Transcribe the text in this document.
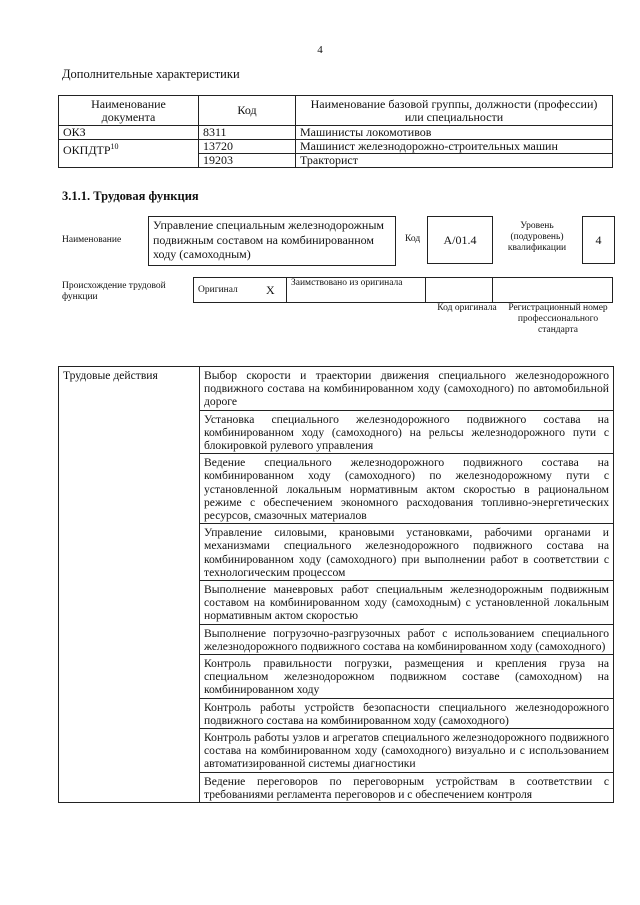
4
Дополнительные характеристики
Наименование документа	Код	Наименование базовой группы, должности (профессии) или специальности
ОКЗ	8311	Машинисты локомотивов
ОКПДТР$^{10}$	13720	Машинист железнодорожно-строительных машин
	19203	Тракторист
3.1.1. Трудовая функция
Наименование
Управление специальным железнодорожным подвижным составом на комбинированном ходу (самоходным)
Код	A/01.4
Уровень (подуровень) квалификации
4
Происхождение трудовой функции
Оригинал	X	Заимствовано из оригинала		
Код оригинала Регистрационный номер профессионального стандарта
Трудовые действия	Выбор скорости и траектории движения специального железнодорожного подвижного состава на комбинированном ходу (самоходного) по автомобильной дороге
Установка специального железнодорожного подвижного состава на комбинированном ходу (самоходного) на рельсы железнодорожного пути с блокировкой рулевого управления
Ведение специального железнодорожного подвижного состава на комбинированном ходу (самоходного) по железнодорожному пути с установленной локальным нормативным актом скоростью в рациональном режиме с обеспечением экономного расходования топливно-энергетических ресурсов, смазочных материалов
Управление силовыми, крановыми установками, рабочими органами и механизмами специального железнодорожного подвижного состава на комбинированном ходу (самоходного) при выполнении работ в соответствии с технологическим процессом
Выполнение маневровых работ специальным железнодорожным подвижным составом на комбинированном ходу (самоходным) с установленной локальным нормативным актом скоростью
Выполнение погрузочно-разгрузочных работ с использованием специального железнодорожного подвижного состава на комбинированном ходу (самоходного)
Контроль правильности погрузки, размещения и крепления груза на специальном железнодорожном подвижном составе (самоходном) на комбинированном ходу
Контроль работы устройств безопасности специального железнодорожного подвижного состава на комбинированном ходу (самоходного)
Контроль работы узлов и агрегатов специального железнодорожного подвижного состава на комбинированном ходу (самоходного) визуально и с использованием автоматизированной системы диагностики
Ведение переговоров по переговорным устройствам в соответствии с требованиями регламента переговоров и с обеспечением контроля
